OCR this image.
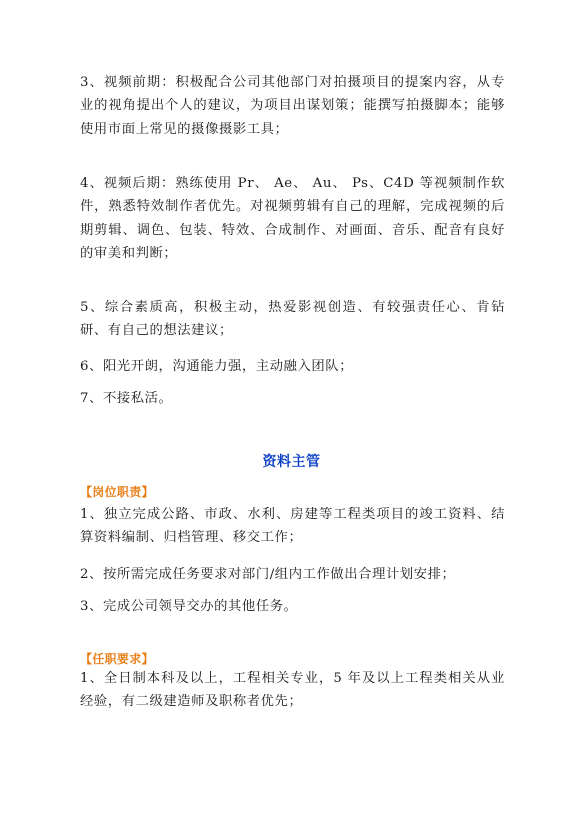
3、视频前期：积极配合公司其他部门对拍摄项目的提案内容，从专业的视角提出个人的建议，为项目出谋划策；能撰写拍摄脚本；能够使用市面上常见的摄像摄影工具；

4、视频后期：熟练使用 Pr、 Ae、 Au、 Ps、C4D 等视频制作软件，熟悉特效制作者优先。对视频剪辑有自己的理解，完成视频的后期剪辑、调色、包装、特效、合成制作、对画面、音乐、配音有良好的审美和判断；

5、综合素质高，积极主动，热爱影视创造、有较强责任心、肯钻研、有自己的想法建议；

6、阳光开朗，沟通能力强，主动融入团队；

7、不接私活。

资料主管

【岗位职责】

1、独立完成公路、市政、水利、房建等工程类项目的竣工资料、结算资料编制、归档管理、移交工作；

2、按所需完成任务要求对部门/组内工作做出合理计划安排；

3、完成公司领导交办的其他任务。

【任职要求】

1、全日制本科及以上，工程相关专业，5 年及以上工程类相关从业经验，有二级建造师及职称者优先；
